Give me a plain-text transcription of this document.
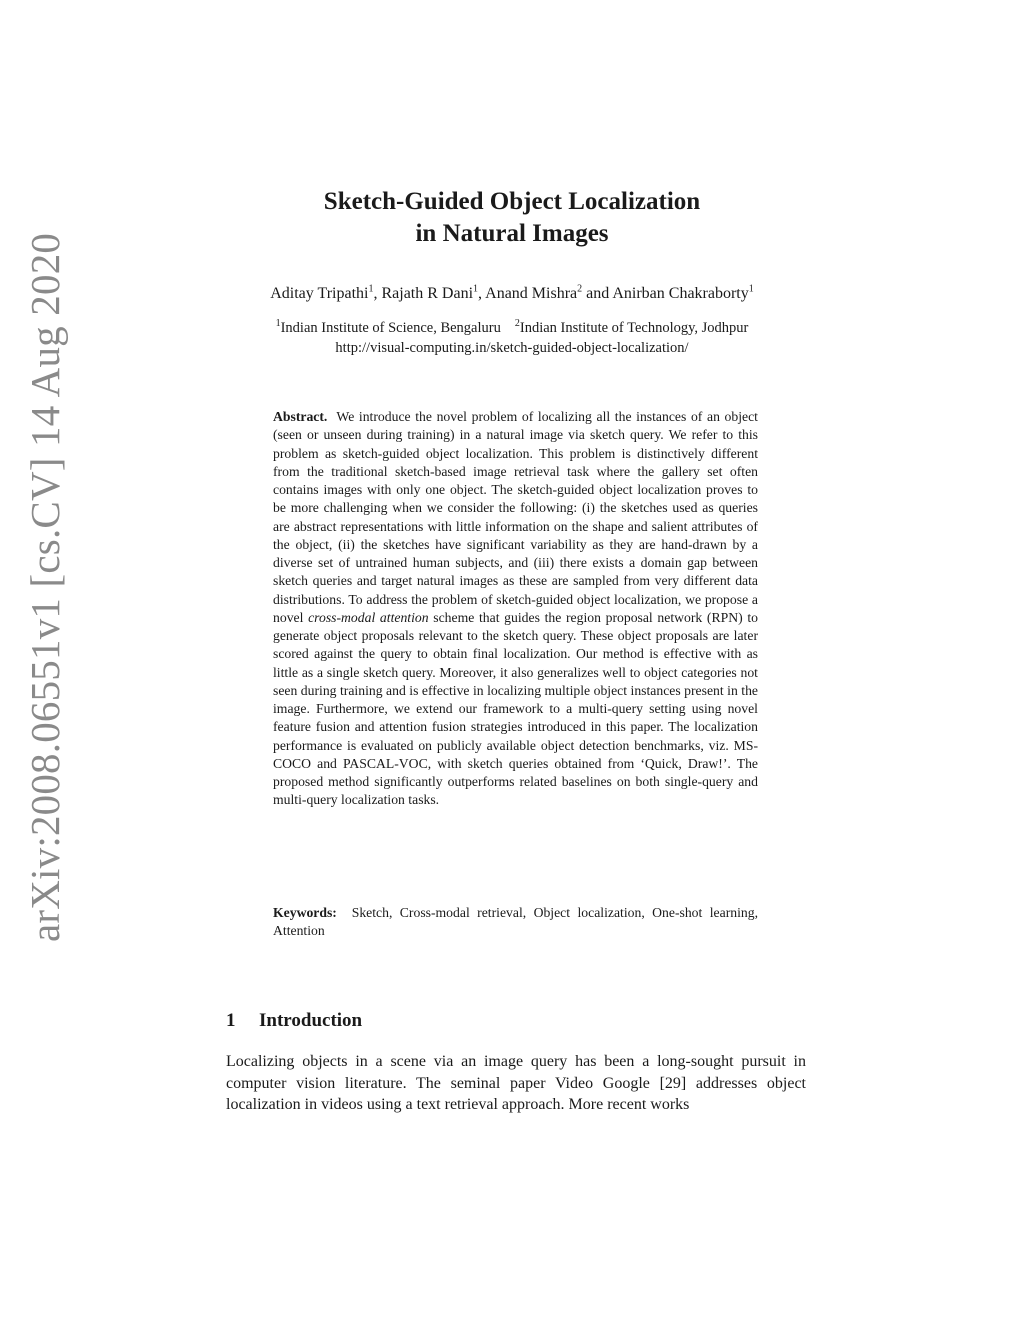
arXiv:2008.06551v1 [cs.CV] 14 Aug 2020
Sketch-Guided Object Localization
in Natural Images
Aditay Tripathi$^1$, Rajath R Dani$^1$, Anand Mishra$^2$ and Anirban Chakraborty$^1$
$^1$Indian Institute of Science, Bengaluru $^2$Indian Institute of Technology, Jodhpur
http://visual-computing.in/sketch-guided-object-localization/
Abstract. We introduce the novel problem of localizing all the instances of an object (seen or unseen during training) in a natural image via sketch query. We refer to this problem as sketch-guided object localization. This problem is distinctively different from the traditional sketch-based image retrieval task where the gallery set often contains images with only one object. The sketch-guided object localization proves to be more challenging when we consider the following: (i) the sketches used as queries are abstract representations with little information on the shape and salient attributes of the object, (ii) the sketches have significant variability as they are hand-drawn by a diverse set of untrained human subjects, and (iii) there exists a domain gap between sketch queries and target natural images as these are sampled from very different data distributions. To address the problem of sketch-guided object localization, we propose a novel cross-modal attention scheme that guides the region proposal network (RPN) to generate object proposals relevant to the sketch query. These object proposals are later scored against the query to obtain final localization. Our method is effective with as little as a single sketch query. Moreover, it also generalizes well to object categories not seen during training and is effective in localizing multiple object instances present in the image. Furthermore, we extend our framework to a multi-query setting using novel feature fusion and attention fusion strategies introduced in this paper. The localization performance is evaluated on publicly available object detection benchmarks, viz. MS-COCO and PASCAL-VOC, with sketch queries obtained from ‘Quick, Draw!’. The proposed method significantly outperforms related baselines on both single-query and multi-query localization tasks.
Keywords: Sketch, Cross-modal retrieval, Object localization, One-shot learning, Attention
1 Introduction
Localizing objects in a scene via an image query has been a long-sought pursuit in computer vision literature. The seminal paper Video Google [29] addresses object localization in videos using a text retrieval approach. More recent works
